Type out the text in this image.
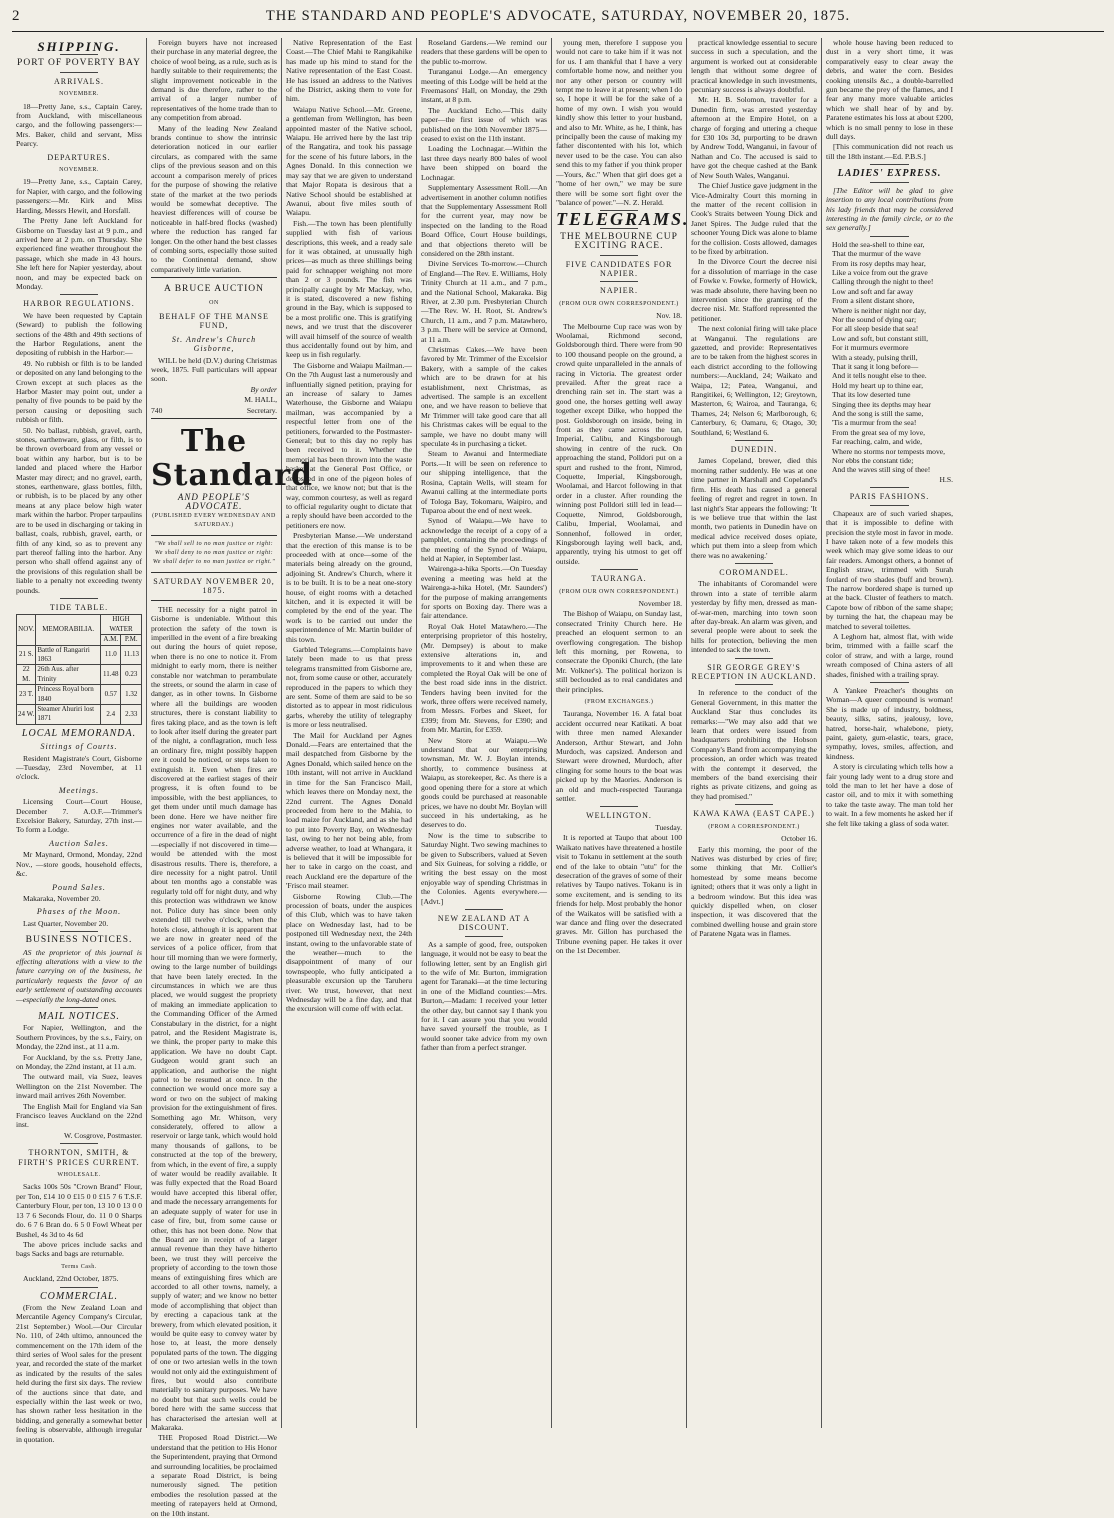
2	THE STANDARD AND PEOPLE'S ADVOCATE, SATURDAY, NOVEMBER 20, 1875.
SHIPPING.
PORT OF POVERTY BAY
ARRIVALS.
NOVEMBER.

18—Pretty Jane, s.s., Captain Carey, from Auckland, with miscellaneous cargo, and the following passengers:—Mrs. Baker, child and servant, Miss Pearcy.

DEPARTURES.
NOVEMBER.

19—Pretty Jane, s.s., Captain Carey, for Napier, with cargo, and the following passengers:—Mr. Kirk and Miss Harding, Messrs Hewit, and Horsfall.

The Pretty Jane left Auckland for Gisborne on Tuesday last at 9 p.m., and arrived here at 2 p.m. on Thursday. She experienced fine weather throughout the passage, which she made in 43 hours. She left here for Napier yesterday, about noon, and may be expected back on Monday.

HARBOR REGULATIONS.

We have been requested by Captain (Seward) to publish the following sections of the 48th and 49th sections of the Harbor Regulations, anent the depositing of rubbish in the Harbor:—

49. No rubbish or filth is to be landed or deposited on any land belonging to the Crown except at such places as the Harbor Master may point out, under a penalty of five pounds to be paid by the person causing or depositing such rubbish or filth.

50. No ballast, rubbish, gravel, earth, stones, earthenware, glass, or filth, is to be thrown overboard from any vessel or boat within any harbor, but is to be landed and placed where the Harbor Master may direct; and no gravel, earth, stones, earthenware, glass bottles, filth, or rubbish, is to be placed by any other means at any place below high water mark within the harbor. Proper tarpaulins are to be used in discharging or taking in ballast, coals, rubbish, gravel, earth, or filth of any kind, so as to prevent any part thereof falling into the harbor. Any person who shall offend against any of the provisions of this regulation shall be liable to a penalty not exceeding twenty pounds.

TIDE TABLE.
NOV.	MEMORABILIA.	HIGH WATER	
		A.M.	P.M.
21 S.	Battle of Rangariri 1863	11.0	11.13
22 M.	26th Aus. after Trinity	11.48	0.23
23 T.	Princess Royal born 1840	0.57	1.32
24 W.	Steamer Ahuriri lost 1871	2.4	2.33
LOCAL MEMORANDA.
Sittings of Courts.

Resident Magistrate's Court, Gisborne—Tuesday, 23rd November, at 11 o'clock.

Meetings.

Licensing Court—Court House, December 7. A.O.F.—Trimmer's Excelsior Bakery, Saturday, 27th inst.—To form a Lodge.

Auction Sales.

Mr Maynard, Ormond, Monday, 22nd Nov., —store goods, household effects, &c.

Pound Sales.

Makaraka, November 20.

Phases of the Moon.

Last Quarter, November 20.

BUSINESS NOTICES.

AS the proprietor of this journal is effecting alterations with a view to the future carrying on of the business, he particularly requests the favor of an early settlement of outstanding accounts—especially the long-dated ones.

MAIL NOTICES.

For Napier, Wellington, and the Southern Provinces, by the s.s., Fairy, on Monday, the 22nd inst., at 11 a.m.

For Auckland, by the s.s. Pretty Jane, on Monday, the 22nd instant, at 11 a.m.

The outward mail, via Suez, leaves Wellington on the 21st November. The inward mail arrives 26th November.

The English Mail for England via San Francisco leaves Auckland on the 22nd inst.

W. Cosgrove, Postmaster.

THORNTON, SMITH, & FIRTH'S PRICES CURRENT.
WHOLESALE.

Sacks 100s 50s "Crown Brand" Flour, per Ton, £14 10 0 £15 0 0 £15 7 6 T.S.F. Canterbury Flour, per ton, 13 10 0 13 0 0 13 7 6 Seconds Flour, do. 11 0 0 Sharps do. 6 7 6 Bran do. 6 5 0 Fowl Wheat per Bushel, 4s 3d to 4s 6d

The above prices include sacks and bags Sacks and bags are returnable.

Terms Cash.

Auckland, 22nd October, 1875.

COMMERCIAL.

(From the New Zealand Loan and Mercantile Agency Company's Circular, 21st September.) Wool.—Our Circular No. 110, of 24th ultimo, announced the commencement on the 17th idem of the third series of Wool sales for the present year, and recorded the state of the market as indicated by the results of the sales held during the first six days. The review of the auctions since that date, and especially within the last week or two, has shown rather less hesitation in the bidding, and generally a somewhat better feeling is observable, although irregular in quotation.

Foreign buyers have not increased their purchase in any material degree, the choice of wool being, as a rule, such as is hardly suitable to their requirements; the slight improvement noticeable in the demand is due therefore, rather to the arrival of a larger number of representatives of the home trade than to any competition from abroad.

Many of the leading New Zealand brands continue to show the intrinsic deterioration noticed in our earlier circulars, as compared with the same clips of the previous season and on this account a comparison merely of prices for the purpose of showing the relative state of the market at the two periods would be somewhat deceptive. The heaviest differences will of course be noticeable in half-bred flocks (washed) where the reduction has ranged far longer. On the other hand the best classes of combing sorts, especially those suited to the Continental demand, show comparatively little variation.

A BRUCE AUCTION
ON
BEHALF OF THE MANSE FUND,
St. Andrew's Church Gisborne,

WILL be held (D.V.) during Christmas week, 1875. Full particulars will appear soon.

By order

M. HALL,

740	Secretary.
The Standard
AND PEOPLE'S ADVOCATE.
(PUBLISHED EVERY WEDNESDAY AND SATURDAY.)
"We shall sell to no man justice or right:
We shall deny to no man justice or right:
We shall defer to no man justice or right."
SATURDAY NOVEMBER 20, 1875.

THE necessity for a night patrol in Gisborne is undeniable. Without this protection the safety of the town is imperilled in the event of a fire breaking out during the hours of quiet repose, when there is no one to notice it. From midnight to early morn, there is neither constable nor watchman to perambulate the streets, or sound the alarm in case of danger, as in other towns. In Gisborne where all the buildings are wooden structures, there is constant liability to fires taking place, and as the town is left to look after itself during the greater part of the night, a conflagration, much less an ordinary fire, might possibly happen ere it could be noticed, or steps taken to extinguish it. Even when fires are discovered at the earliest stages of their progress, it is often found to be impossible, with the best appliances, to get them under until much damage has been done. Here we have neither fire engines nor water available, and the occurrence of a fire in the dead of night—especially if not discovered in time—would be attended with the most disastrous results. There is, therefore, a dire necessity for a night patrol. Until about ten months ago a constable was regularly told off for night duty, and why this protection was withdrawn we know not. Police duty has since been only extended till twelve o'clock, when the hotels close, although it is apparent that we are now in greater need of the services of a police officer, from that hour till morning than we were formerly, owing to the large number of buildings that have been lately erected. In the circumstances in which we are thus placed, we would suggest the propriety of making an immediate application to the Commanding Officer of the Armed Constabulary in the district, for a night patrol, and the Resident Magistrate is, we think, the proper party to make this application. We have no doubt Capt. Gudgeon would grant such an application, and authorise the night patrol to be resumed at once. In the connection we would once more say a word or two on the subject of making provision for the extinguishment of fires. Something ago Mr. Whitson, very considerately, offered to allow a reservoir or large tank, which would hold many thousands of gallons, to be constructed at the top of the brewery, from which, in the event of fire, a supply of water would be readily available. It was fully expected that the Road Board would have accepted this liberal offer, and made the necessary arrangements for an adequate supply of water for use in case of fire, but, from some cause or other, this has not been done. Now that the Board are in receipt of a larger annual revenue than they have hitherto been, we trust they will perceive the propriety of according to the town those means of extinguishing fires which are accorded to all other towns, namely, a supply of water; and we know no better mode of accomplishing that object than by erecting a capacious tank at the brewery, from which elevated position, it would be quite easy to convey water by hose to, at least, the more densely populated parts of the town. The digging of one or two artesian wells in the town would not only aid the extinguishment of fires, but would also contribute materially to sanitary purposes. We have no doubt but that such wells could be bored here with the same success that has characterised the artesian well at Makaraka.

THE Proposed Road District.—We understand that the petition to His Honor the Superintendent, praying that Ormond and surrounding localities, be proclaimed a separate Road District, is being numerously signed. The petition embodies the resolution passed at the meeting of ratepayers held at Ormond, on the 10th instant.

Native Representation of the East Coast.—The Chief Mahi te Rangikahike has made up his mind to stand for the Native representation of the East Coast. He has issued an address to the Natives of the District, asking them to vote for him.

Waiapu Native School.—Mr. Greene, a gentleman from Wellington, has been appointed master of the Native school, Waiapu. He arrived here by the last trip of the Rangatira, and took his passage for the scene of his future labors, in the Agnes Donald. In this connection we may say that we are given to understand that Major Ropata is desirous that a Native School should be established at Awanui, about five miles south of Waiapu.

Fish.—The town has been plentifully supplied with fish of various descriptions, this week, and a ready sale for it was obtained, at unusually high prices—as much as three shillings being paid for schnapper weighing not more than 2 or 3 pounds. The fish was principally caught by Mr Mackay, who, it is stated, discovered a new fishing ground in the Bay, which is supposed to be a most prolific one. This is gratifying news, and we trust that the discoverer will avail himself of the source of wealth thus accidentally found out by him, and keep us in fish regularly.

The Gisborne and Waiapu Mailman.—On the 7th August last a numerously and influentially signed petition, praying for an increase of salary to James Waterhouse, the Gisborne and Waiapu mailman, was accompanied by a respectful letter from one of the petitioners, forwarded to the Postmaster-General; but to this day no reply has been received to it. Whether the memorial has been thrown into the waste basket at the General Post Office, or deposited in one of the pigeon holes of that office, we know not; but that is the way, common courtesy, as well as regard to official regularity ought to dictate that a reply should have been accorded to the petitioners ere now.

Presbyterian Manse.—We understand that the erection of this manse is to be proceeded with at once—some of the materials being already on the ground, adjoining St. Andrew's Church, where it is to be built. It is to be a neat one-story house, of eight rooms with a detached kitchen, and it is expected it will be completed by the end of the year. The work is to be carried out under the superintendence of Mr. Martin builder of this town.

Garbled Telegrams.—Complaints have lately been made to us that press telegrams transmitted from Gisborne are, not, from some cause or other, accurately reproduced in the papers to which they are sent. Some of them are said to be so distorted as to appear in most ridiculous garbs, whereby the utility of telegraphy is more or less neutralised.

The Mail for Auckland per Agnes Donald.—Fears are entertained that the mail despatched from Gisborne by the Agnes Donald, which sailed hence on the 10th instant, will not arrive in Auckland in time for the San Francisco Mail, which leaves there on Monday next, the 22nd current. The Agnes Donald proceeded from here to the Mahia, to load maize for Auckland, and as she had to put into Poverty Bay, on Wednesday last, owing to her not being able, from adverse weather, to load at Whangara, it is believed that it will be impossible for her to take in cargo on the coast, and reach Auckland ere the departure of the 'Frisco mail steamer.

Gisborne Rowing Club.—The procession of boats, under the auspices of this Club, which was to have taken place on Wednesday last, had to be postponed till Wednesday next, the 24th instant, owing to the unfavorable state of the weather—much to the disappointment of many of our townspeople, who fully anticipated a pleasurable excursion up the Taruheru river. We trust, however, that next Wednesday will be a fine day, and that the excursion will come off with eclat.

Roseland Gardens.—We remind our readers that these gardens will be open to the public to-morrow.

Turanganui Lodge.—An emergency meeting of this Lodge will be held at the Freemasons' Hall, on Monday, the 29th instant, at 8 p.m.

The Auckland Echo.—This daily paper—the first issue of which was published on the 10th November 1875—ceased to exist on the 11th instant.

Loading the Lochnagar.—Within the last three days nearly 800 bales of wool have been shipped on board the Lochnagar.

Supplementary Assessment Roll.—An advertisement in another column notifies that the Supplementary Assessment Roll for the current year, may now be inspected on the landing to the Road Board Office, Court House buildings, and that objections thereto will be considered on the 28th instant.

Divine Services To-morrow.—Church of England—The Rev. E. Williams, Holy Trinity Church at 11 a.m., and 7 p.m., and the National School, Makaraka. Big River, at 2.30 p.m. Presbyterian Church—The Rev. W. H. Root, St. Andrew's Church, 11 a.m., and 7 p.m. Matawhero, 3 p.m. There will be service at Ormond, at 11 a.m.

Christmas Cakes.—We have been favored by Mr. Trimmer of the Excelsior Bakery, with a sample of the cakes which are to be drawn for at his establishment, next Christmas, as advertised. The sample is an excellent one, and we have reason to believe that Mr Trimmer will take good care that all his Christmas cakes will be equal to the sample, we have no doubt many will speculate 4s in purchasing a ticket.

Steam to Awanui and Intermediate Ports.—It will be seen on reference to our shipping intelligence, that the Rosina, Captain Wells, will steam for Awanui calling at the intermediate ports of Tologa Bay, Tokomaru, Waipiro, and Tuparoa about the end of next week.

Synod of Waiapu.—We have to acknowledge the receipt of a copy of a pamphlet, containing the proceedings of the meeting of the Synod of Waiapu, held at Napier, in September last.

Wairenga-a-hika Sports.—On Tuesday evening a meeting was held at the Wairenga-a-hika Hotel, (Mr. Saunders') for the purpose of making arrangements for sports on Boxing day. There was a fair attendance.

Royal Oak Hotel Matawhero.—The enterprising proprietor of this hostelry, (Mr. Dempsey) is about to make extensive alterations in, and improvements to it and when these are completed the Royal Oak will be one of the best road side inns in the district. Tenders having been invited for the work, three offers were received namely, from Messrs. Forbes and Skeet, for £399; from Mr. Stevens, for £390; and from Mr. Martin, for £359.

New Store at Waiapu.—We understand that our enterprising townsman, Mr. W. J. Boylan intends, shortly, to commence business at Waiapu, as storekeeper, &c. As there is a good opening there for a store at which goods could be purchased at reasonable prices, we have no doubt Mr. Boylan will succeed in his undertaking, as he deserves to do.

Now is the time to subscribe to Saturday Night. Two sewing machines to be given to Subscribers, valued at Seven and Six Guineas, for solving a riddle, or writing the best essay on the most enjoyable way of spending Christmas in the Colonies. Agents everywhere.—[Advt.]

NEW ZEALAND AT A DISCOUNT.

As a sample of good, free, outspoken language, it would not be easy to beat the following letter, sent by an English girl to the wife of Mr. Burton, immigration agent for Taranaki—at the time lecturing in one of the Midland counties:—Mrs. Burton,—Madam: I received your letter the other day, but cannot say I thank you for it. I can assure you that you would have saved yourself the trouble, as I would sooner take advice from my own father than from a perfect stranger.

young men, therefore I suppose you would not care to take him if it was not for us. I am thankful that I have a very comfortable home now, and neither you nor any other person or country will tempt me to leave it at present; when I do so, I hope it will be for the sake of a home of my own. I wish you would kindly show this letter to your husband, and also to Mr. White, as he, I think, has principally been the cause of making my father discontented with his lot, which never used to be the case. You can also send this to my father if you think proper—Yours, &c." When that girl does get a "home of her own," we may be sure there will be some sort fight over the "balance of power."—N. Z. Herald.

TELEGRAMS.
THE MELBOURNE CUP EXCITING RACE.
FIVE CANDIDATES FOR NAPIER.
NAPIER.
(FROM OUR OWN CORRESPONDENT.)

Nov. 18.

The Melbourne Cup race was won by Woolamai, Richmond second, Goldsborough third. There were from 90 to 100 thousand people on the ground, a crowd quite unparalleled in the annals of racing in Victoria. The greatest order prevailed. After the great race a drenching rain set in. The start was a good one, the horses getting well away together except Dilke, who hopped the post. Goldsborough on inside, being in front as they came across the tan, Imperial, Calibu, and Kingsborough showing in centre of the ruck. On approaching the stand, Polldori put on a spurt and rushed to the front, Nimrod, Coquette, Imperial, Kingsborough, Woolamai, and Harcot following in that order in a cluster. After rounding the winning post Polldori still led in lead—Coquette, Nimrod, Goldsborough, Calibu, Imperial, Woolamai, and Sonnenhof, followed in order, Kingsborough laying well back, and, apparently, trying his utmost to get off outside.

TAURANGA.
(FROM OUR OWN CORRESPONDENT.)

November 18.

The Bishop of Waiapu, on Sunday last, consecrated Trinity Church here. He preached an eloquent sermon to an overflowing congregation. The bishop left this morning, per Rowena, to consecrate the Oponiki Church, (the late Mr. Volkner's). The political horizon is still beclouded as to real candidates and their principles.

(FROM EXCHANGES.)

Tauranga, November 16. A fatal boat accident occurred near Katikati. A boat with three men named Alexander Anderson, Arthur Stewart, and John Murdoch, was capsized. Anderson and Stewart were drowned, Murdoch, after clinging for some hours to the boat was picked up by the Maories. Anderson is an old and much-respected Tauranga settler.

WELLINGTON.

Tuesday.

It is reported at Taupo that about 100 Waikato natives have threatened a hostile visit to Tokanu in settlement at the south end of the lake to obtain "utu" for the desecration of the graves of some of their relatives by Taupo natives. Tokanu is in some excitement, and is sending to its friends for help. Most probably the honor of the Waikatos will be satisfied with a war dance and fling over the desecrated graves. Mr. Gillon has purchased the Tribune evening paper. He takes it over on the 1st December.

practical knowledge essential to secure success in such a speculation, and the argument is worked out at considerable length that without some degree of practical knowledge in such investments, pecuniary success is always doubtful.

Mr. H. B. Solomon, traveller for a Dunedin firm, was arrested yesterday afternoon at the Empire Hotel, on a charge of forging and uttering a cheque for £30 10s 3d, purporting to be drawn by Andrew Todd, Wanganui, in favour of Nathan and Co. The accused is said to have got the cheque cashed at the Bank of New South Wales, Wanganui.

The Chief Justice gave judgment in the Vice-Admiralty Court this morning in the matter of the recent collision in Cook's Straits between Young Dick and Janet Spires. The Judge ruled that the schooner Young Dick was alone to blame for the collision. Costs allowed, damages to be fixed by arbitration.

In the Divorce Court the decree nisi for a dissolution of marriage in the case of Fowke v. Fowke, formerly of Howick, was made absolute, there having been no intervention since the granting of the decree nisi. Mr. Stafford represented the petitioner.

The next colonial firing will take place at Wanganui. The regulations are gazetted, and provide: Representatives are to be taken from the highest scores in each district according to the following numbers:—Auckland, 24; Waikato and Waipa, 12; Patea, Wanganui, and Rangitikei, 6; Wellington, 12; Greytown, Masterton, 6; Wairoa, and Tauranga, 6; Thames, 24; Nelson 6; Marlborough, 6; Canterbury, 6; Oamaru, 6; Otago, 30; Southland, 6; Westland 6.

DUNEDIN.

James Copeland, brewer, died this morning rather suddenly. He was at one time partner in Marshall and Copeland's firm. His death has caused a general feeling of regret and regret in town. In last night's Star appears the following: 'It is we believe true that within the last month, two patients in Dunedin have on medical advice received doses opiate, which put them into a sleep from which there was no awakening.'

COROMANDEL.

The inhabitants of Coromandel were thrown into a state of terrible alarm yesterday by fifty men, dressed as man-of-war-men, marching into town soon after day-break. An alarm was given, and several people were about to seek the hills for protection, believing the men intended to sack the town.

SIR GEORGE GREY'S RECEPTION IN AUCKLAND.

In reference to the conduct of the General Government, in this matter the Auckland Star thus concludes its remarks:—"We may also add that we learn that orders were issued from headquarters prohibiting the Hobson Company's Band from accompanying the procession, an order which was treated with the contempt it deserved, the members of the band exercising their rights as private citizens, and going as they had promised."

KAWA KAWA (EAST CAPE.)
(FROM A CORRESPONDENT.)

October 16.

Early this morning, the poor of the Natives was disturbed by cries of fire; some thinking that Mr. Collier's homestead by some means become ignited; others that it was only a light in a bedroom window. But this idea was quickly dispelled when, on closer inspection, it was discovered that the combined dwelling house and grain store of Paratene Ngata was in flames.

whole house having been reduced to dust in a very short time, it was comparatively easy to clear away the debris, and water the corn. Besides cooking utensils &c., a double-barrelled gun became the prey of the flames, and I fear any many more valuable articles which we shall hear of by and by. Paratene estimates his loss at about £200, which is no small penny to lose in these dull days.

[This communication did not reach us till the 18th instant.—Ed. P.B.S.]

LADIES' EXPRESS.

[The Editor will be glad to give insertion to any local contributions from his lady friends that may be considered interesting in the family circle, or to the sex generally.]

Hold the sea-shell to thine ear,

That the murmur of the wave

From its rosy depths may hear,

Like a voice from out the grave

Calling through the night to thee!

Low and soft and far away

From a silent distant shore,

Where is neither night nor day,

Nor the sound of dying oar;

For all sleep beside that sea!

Low and soft, but constant still,

For it murmurs evermore

With a steady, pulsing thrill,

That it sang it long before—

And it tells nought else to thee.

Hold my heart up to thine ear,

That its low deserted tune

Singing thee its depths may hear

And the song is still the same,

'Tis a murmur from the sea!

From the great sea of my love,

Far reaching, calm, and wide,

Where no storms nor tempests move,

Nor ebbs the constant tide;

And the waves still sing of thee!

H.S.

PARIS FASHIONS.

Chapeaux are of such varied shapes, that it is impossible to define with precision the style most in favor in mode. I have taken note of a few models this week which may give some ideas to our fair readers. Amongst others, a bonnet of English straw, trimmed with Surah foulard of two shades (buff and brown). The narrow bordered shape is turned up at the back. Cluster of feathers to match. Capote bow of ribbon of the same shape; by turning the hat, the chapeau may be matched to several toilettes.

A Leghorn hat, almost flat, with wide brim, trimmed with a faille scarf the color of straw, and with a large, round wreath composed of China asters of all shades, finished with a trailing spray.

A Yankee Preacher's thoughts on Woman—A queer compound is woman! She is made up of industry, boldness, beauty, silks, satins, jealousy, love, hatred, horse-hair, whalebone, piety, paint, gaiety, gum-elastic, tears, grace, sympathy, loves, smiles, affection, and kindness.

A story is circulating which tells how a fair young lady went to a drug store and told the man to let her have a dose of castor oil, and to mix it with something to take the taste away. The man told her to wait. In a few moments he asked her if she felt like taking a glass of soda water.
